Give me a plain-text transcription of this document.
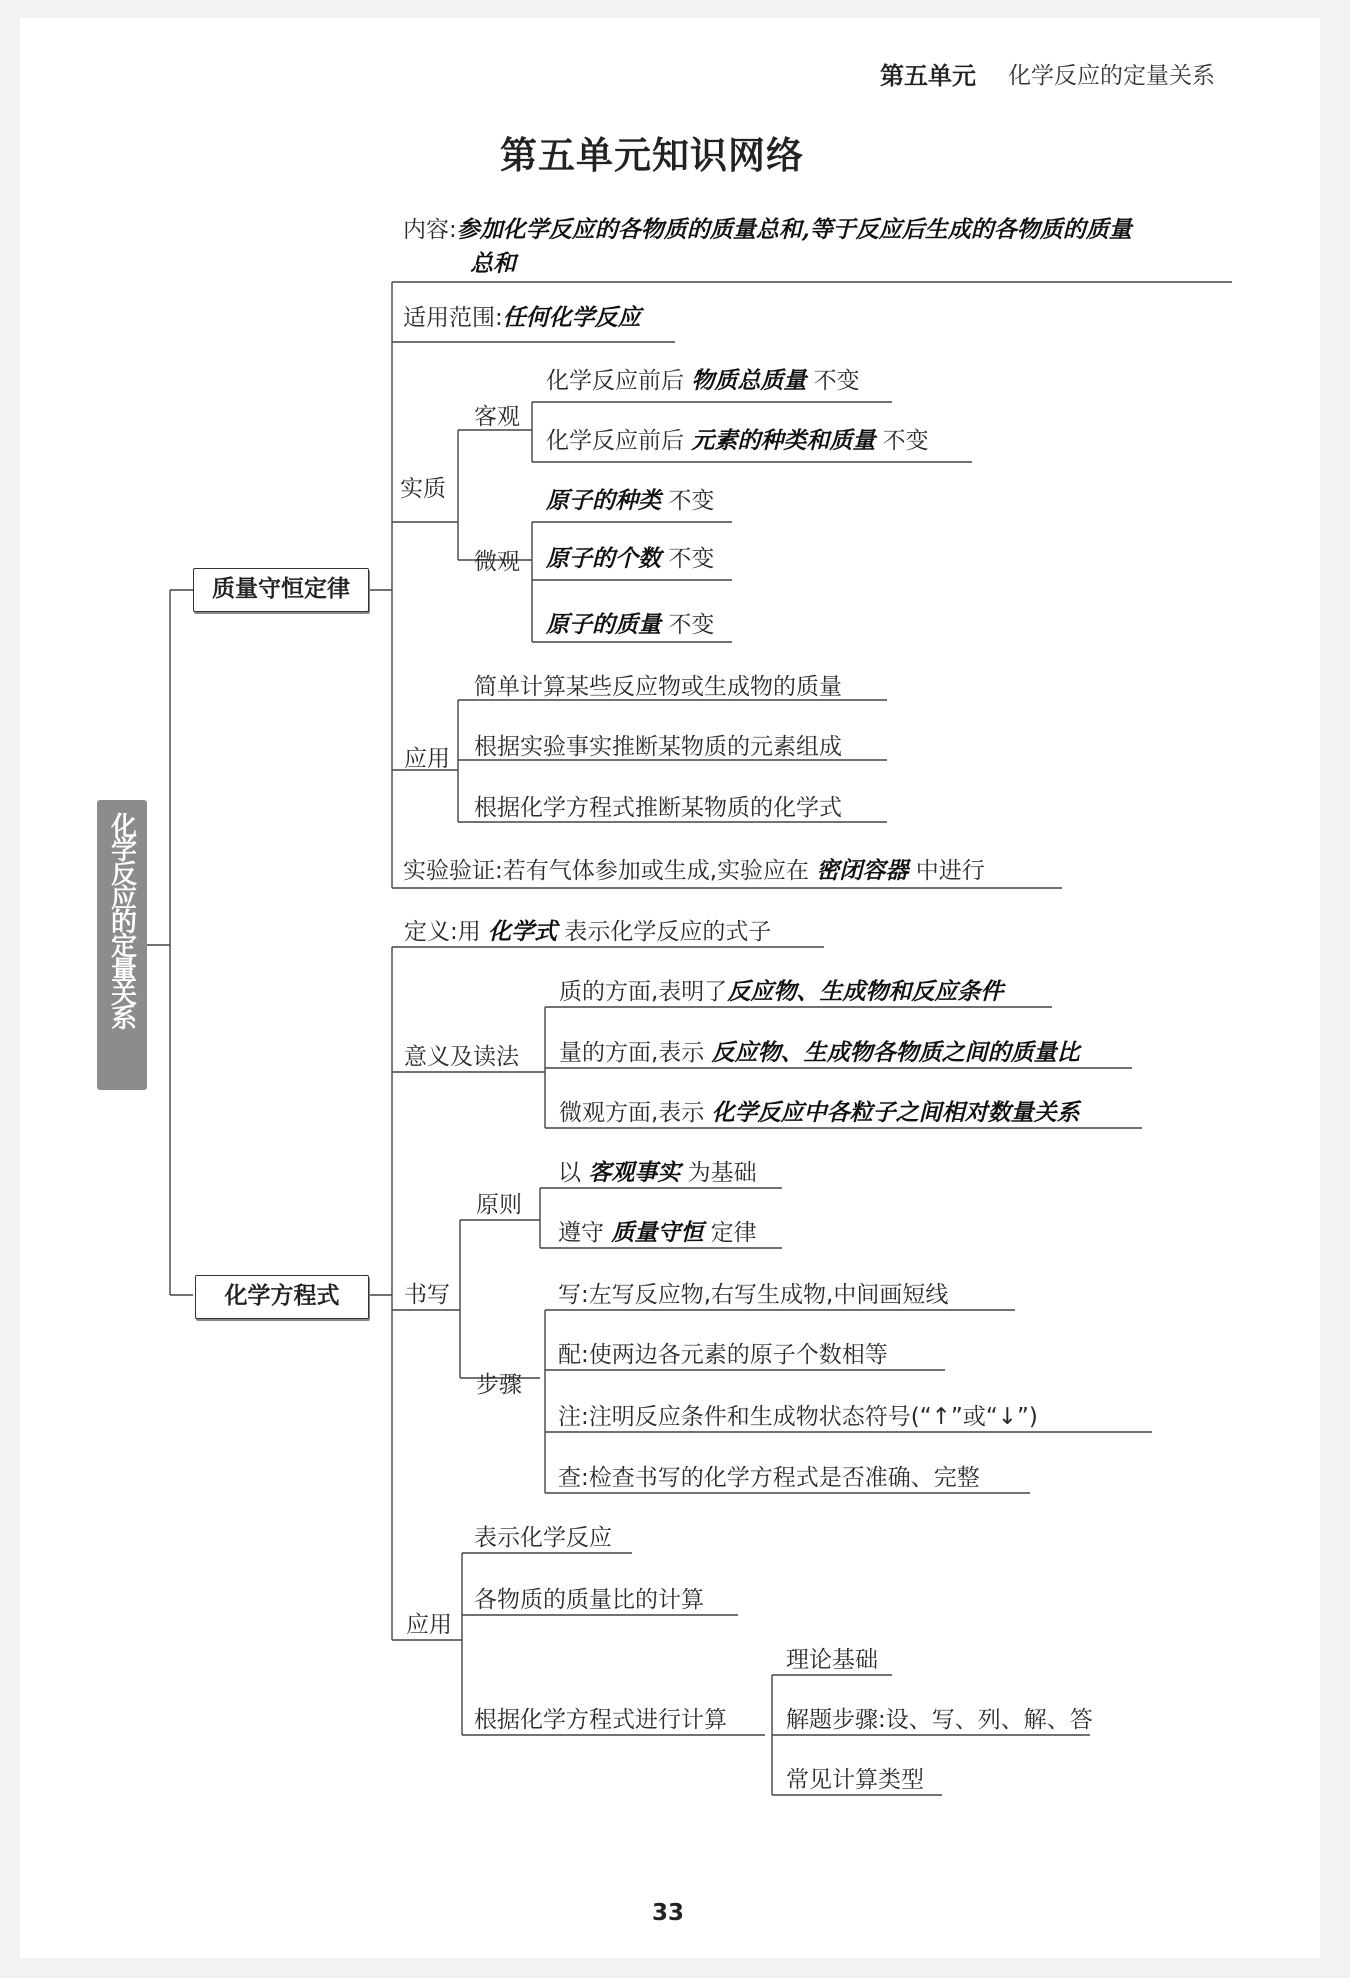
第五单元 化学反应的定量关系
第五单元知识网络
化学反应的定量关系
质量守恒定律
化学方程式
内容:参加化学反应的各物质的质量总和,等于反应后生成的各物质的质量
总和
适用范围:任何化学反应
实质
客观
化学反应前后 物质总质量 不变
化学反应前后 元素的种类和质量 不变
微观
原子的种类 不变
原子的个数 不变
原子的质量 不变
应用
简单计算某些反应物或生成物的质量
根据实验事实推断某物质的元素组成
根据化学方程式推断某物质的化学式
实验验证:若有气体参加或生成,实验应在 密闭容器 中进行
定义:用 化学式 表示化学反应的式子
意义及读法
质的方面,表明了反应物、生成物和反应条件
量的方面,表示 反应物、生成物各物质之间的质量比
微观方面,表示 化学反应中各粒子之间相对数量关系
书写
原则
以 客观事实 为基础
遵守 质量守恒 定律
步骤
写:左写反应物,右写生成物,中间画短线
配:使两边各元素的原子个数相等
注:注明反应条件和生成物状态符号(“↑”或“↓”)
查:检查书写的化学方程式是否准确、完整
应用
表示化学反应
各物质的质量比的计算
根据化学方程式进行计算
理论基础
解题步骤:设、写、列、解、答
常见计算类型
33
